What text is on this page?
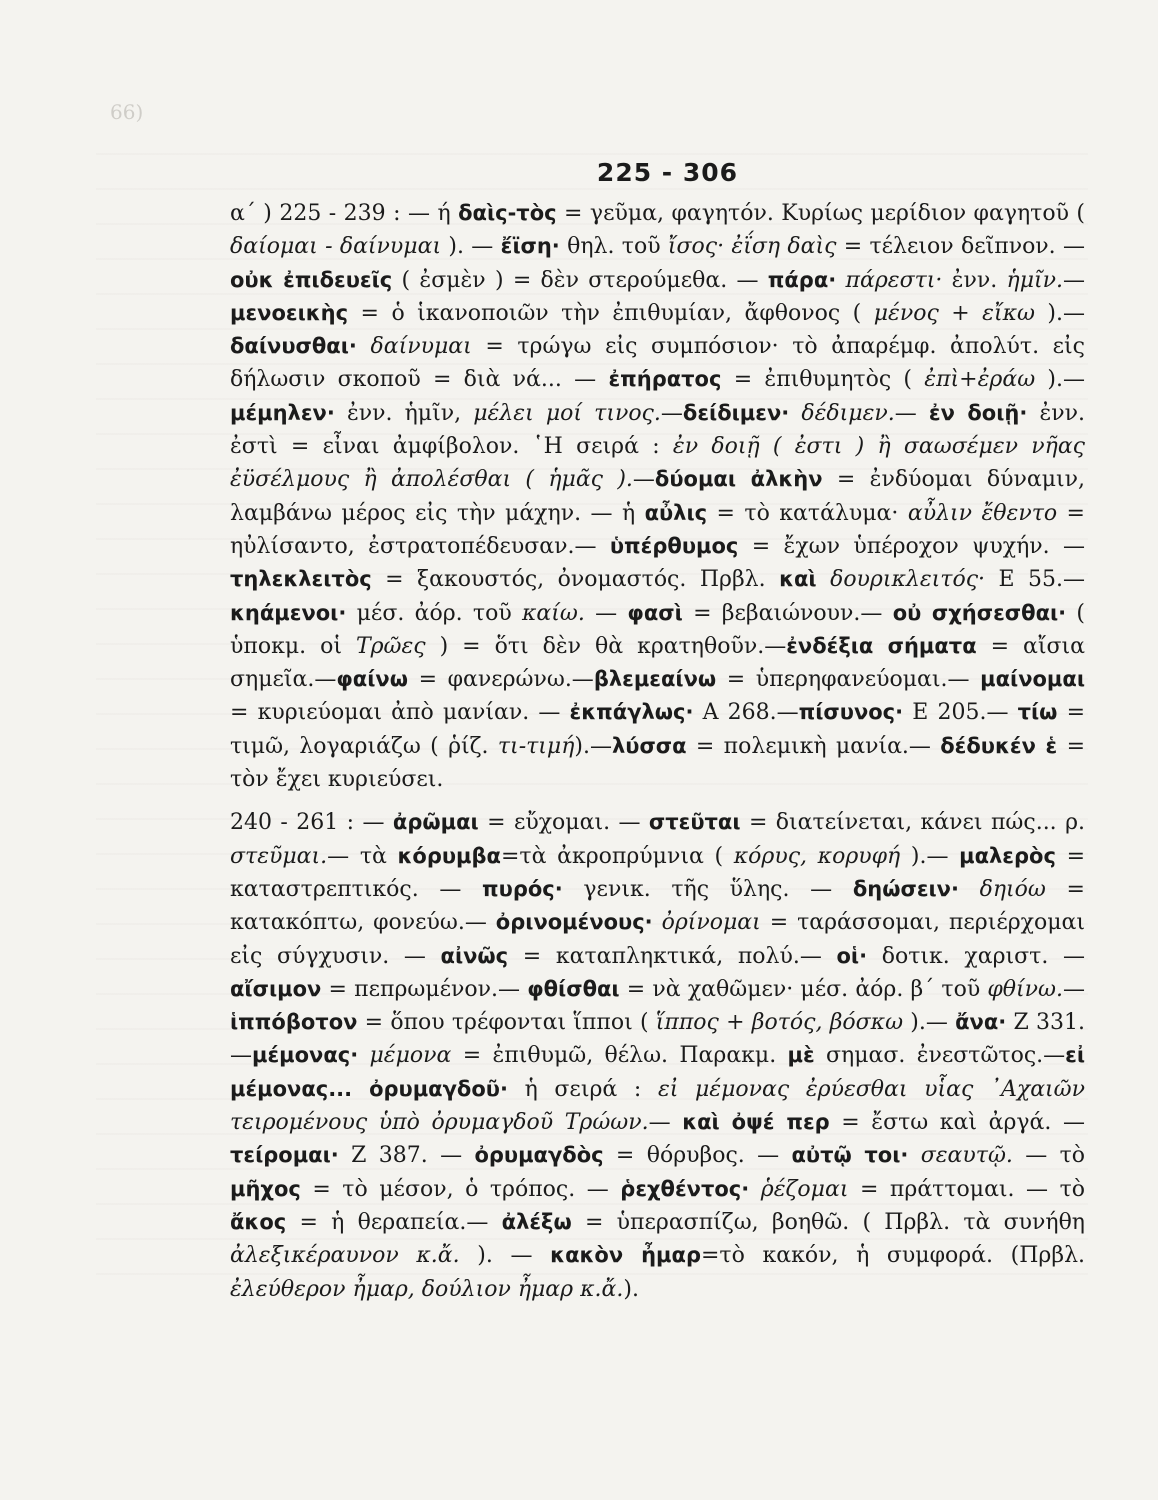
66)
225 - 306

α΄ ) 225 - 239 : — ή δαὶς-τὸς = γεῦμα, φαγητόν. Κυρίως μερίδιον φαγητοῦ ( δαίομαι - δαίνυμαι ). — ἔϊση· θηλ. τοῦ ἴσος· ἐΐση δαὶς = τέλειον δεῖπνον. — οὐκ ἐπιδευεῖς ( ἐσμὲν ) = δὲν στερούμεθα. — πάρα· πάρεστι· ἐνν. ἡμῖν.— μενοεικὴς = ὁ ἱκανοποιῶν τὴν ἐπιθυμίαν, ἄφθονος ( μένος + εἴκω ).— δαίνυσθαι· δαίνυμαι = τρώγω εἰς συμπόσιον· τὸ ἀπαρέμφ. ἀπολύτ. εἰς δήλωσιν σκοποῦ = διὰ νά... — ἐπήρατος = ἐπιθυμητὸς ( ἐπὶ+ἐράω ).— μέμηλεν· ἐνν. ἡμῖν, μέλει μοί τινος.—δείδιμεν· δέδιμεν.— ἐν δοιῇ· ἐνν. ἐστὶ = εἶναι ἀμφίβολον. ῾Η σειρά : ἐν δοιῇ ( ἐστι ) ἢ σαωσέμεν νῆας ἐϋσέλμους ἢ ἀπολέσθαι ( ἡμᾶς ).—δύομαι ἀλκὴν = ἐνδύομαι δύναμιν, λαμβάνω μέρος εἰς τὴν μάχην. — ἡ αὖλις = τὸ κατάλυμα· αὖλιν ἔθεντο = ηὐλίσαντο, ἐστρατοπέδευσαν.— ὑπέρθυμος = ἔχων ὑπέροχον ψυχήν. — τηλεκλειτὸς = ξακουστός, ὀνομαστός. Πρβλ. καὶ δουρικλειτός· Ε 55.— κηάμενοι· μέσ. ἀόρ. τοῦ καίω. — φασὶ = βεβαιώνουν.— οὐ σχήσεσθαι· ( ὑποκμ. οἱ Τρῶες ) = ὅτι δὲν θὰ κρατηθοῦν.—ἐνδέξια σήματα = αἴσια σημεῖα.—φαίνω = φανερώνω.—βλεμεαίνω = ὑπερηφανεύομαι.— μαίνομαι = κυριεύομαι ἀπὸ μανίαν. — ἐκπάγλως· Α 268.—πίσυνος· Ε 205.— τίω = τιμῶ, λογαριάζω ( ῥίζ. τι-τιμή).—λύσσα = πολεμικὴ μανία.— δέδυκέν ἑ = τὸν ἔχει κυριεύσει.

240 - 261 : — ἀρῶμαι = εὔχομαι. — στεῦται = διατείνεται, κάνει πώς... ρ. στεῦμαι.— τὰ κόρυμβα=τὰ ἀκροπρύμνια ( κόρυς, κορυφή ).— μαλερὸς = καταστρεπτικός. — πυρός· γενικ. τῆς ὕλης. — δηώσειν· δηιόω = κατακόπτω, φονεύω.— ὀρινομένους· ὀρίνομαι = ταράσσομαι, περιέρχομαι εἰς σύγχυσιν. — αἰνῶς = καταπληκτικά, πολύ.— οἱ· δοτικ. χαριστ. — αἴσιμον = πεπρωμένον.— φθίσθαι = νὰ χαθῶμεν· μέσ. ἀόρ. β΄ τοῦ φθίνω.— ἱππόβοτον = ὅπου τρέφονται ἵπποι ( ἵππος + βοτός, βόσκω ).— ἄνα· Ζ 331.—μέμονας· μέμονα = ἐπιθυμῶ, θέλω. Παρακμ. μὲ σημασ. ἐνεστῶτος.—εἰ μέμονας... ὀρυμαγδοῦ· ἡ σειρά : εἰ μέμονας ἐρύεσθαι υἷας ᾿Αχαιῶν τειρομένους ὑπὸ ὀρυμαγδοῦ Τρώων.— καὶ ὀψέ περ = ἔστω καὶ ἀργά. — τείρομαι· Ζ 387. — ὀρυμαγδὸς = θόρυβος. — αὐτῷ τοι· σεαυτῷ. — τὸ μῆχος = τὸ μέσον, ὁ τρόπος. — ῥεχθέντος· ῥέζομαι = πράττομαι. — τὸ ἄκος = ἡ θεραπεία.— ἀλέξω = ὑπερασπίζω, βοηθῶ. ( Πρβλ. τὰ συνήθη ἀλεξικέραυνον κ.ἄ. ). — κακὸν ἦμαρ=τὸ κακόν, ἡ συμφορά. (Πρβλ. ἐλεύθερον ἦμαρ, δούλιον ἦμαρ κ.ἄ.).
